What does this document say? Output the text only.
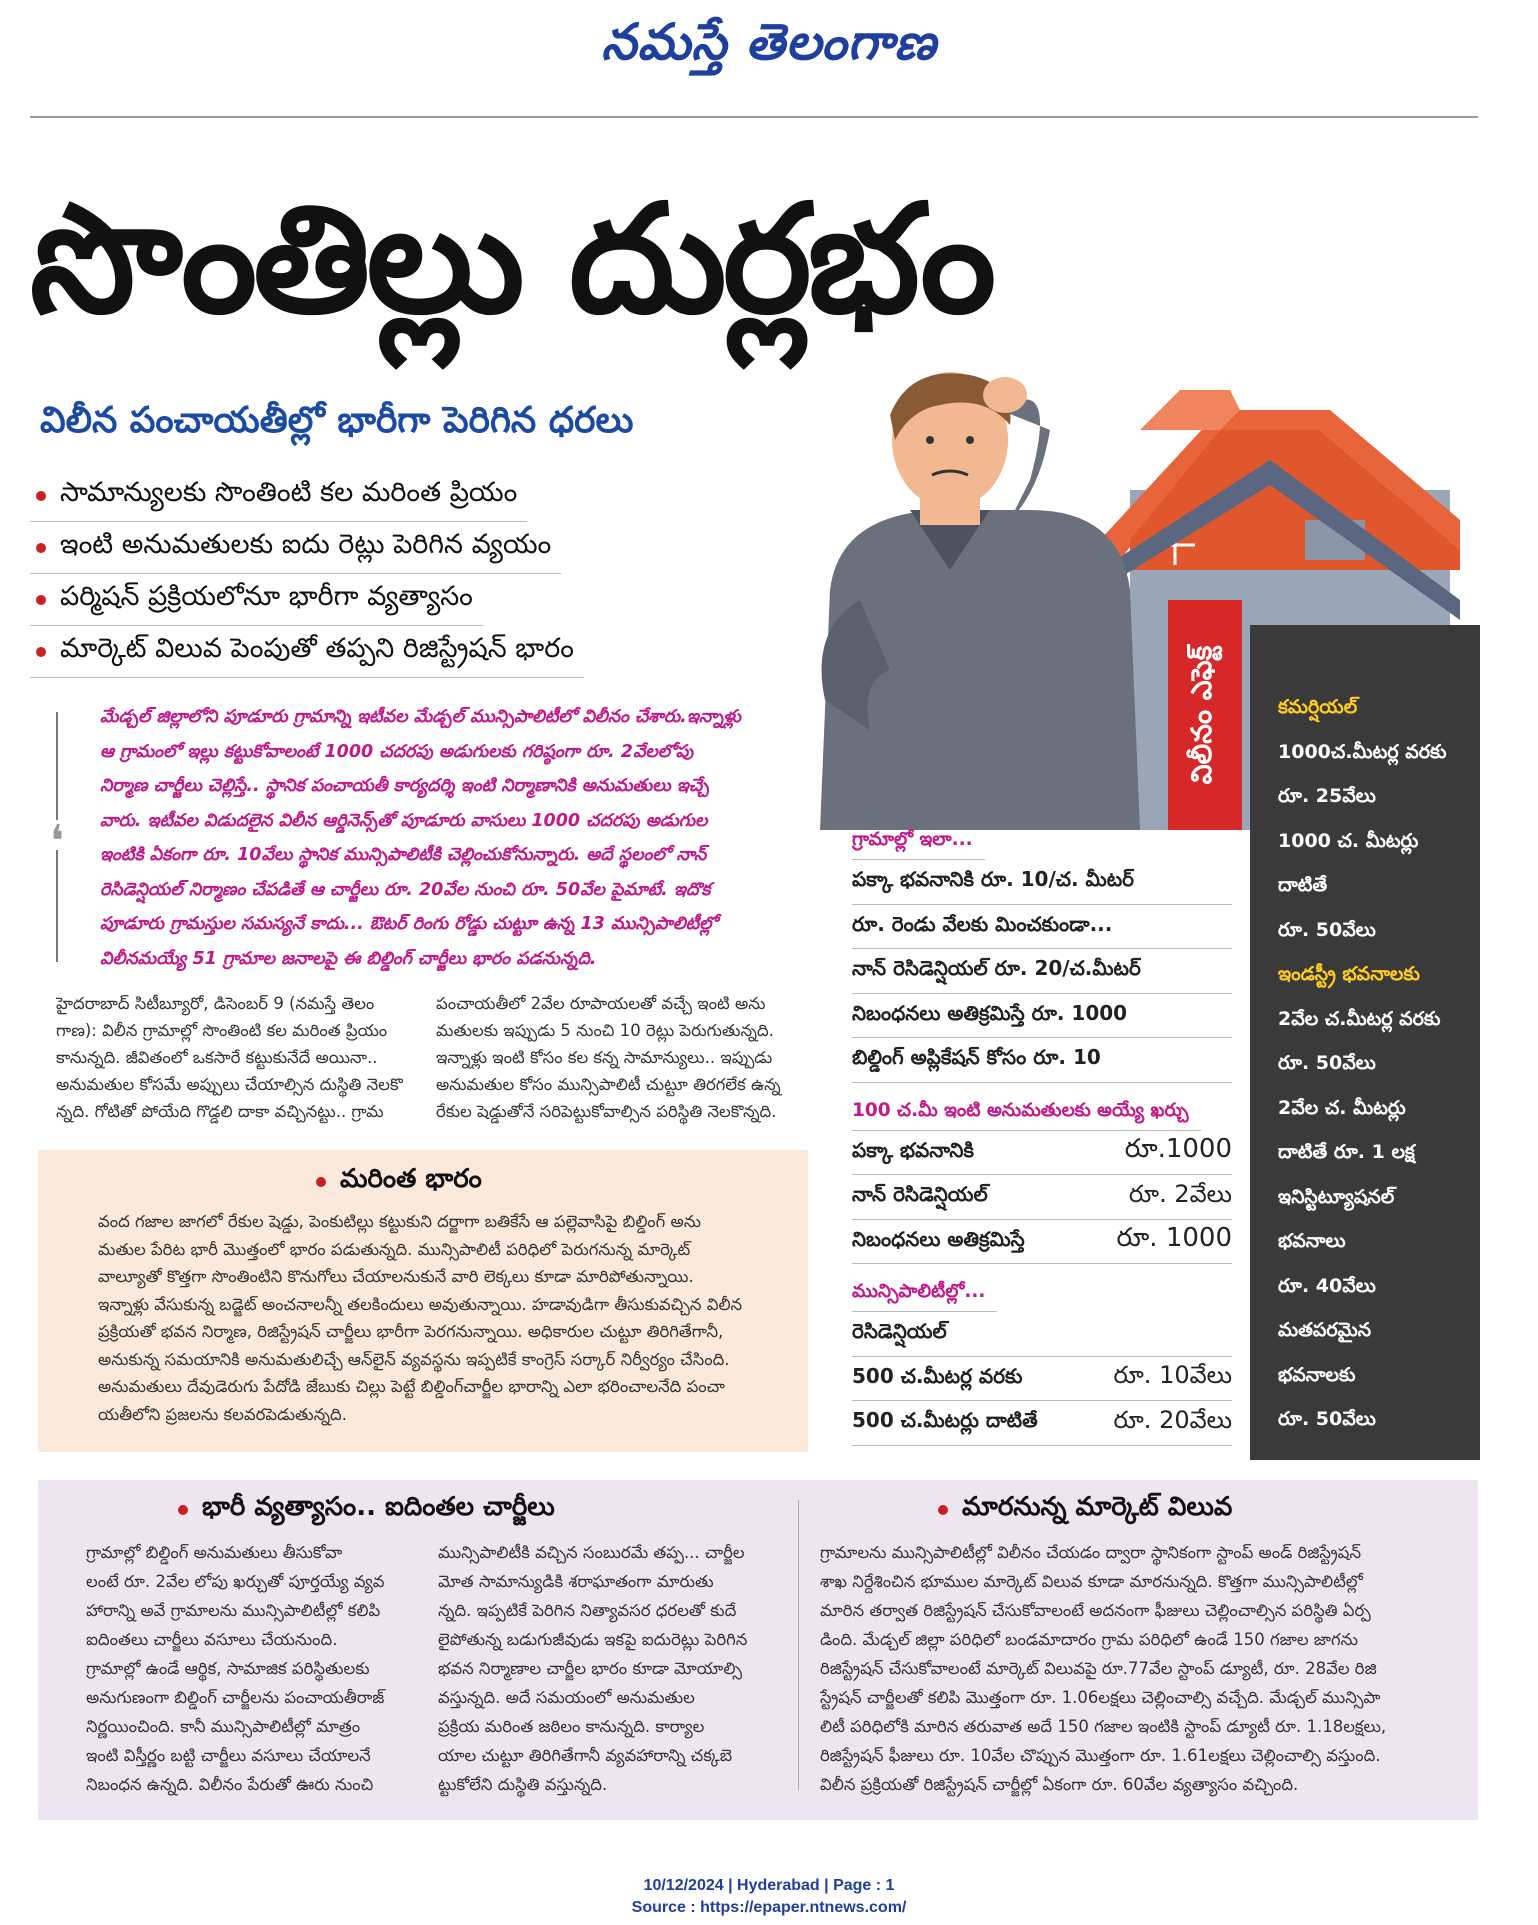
నమస్తే తెలంగాణ
సొంతిల్లు దుర్లభం
విలీన పంచాయతీల్లో భారీగా పెరిగిన ధరలు
సామాన్యులకు సొంతింటి కల మరింత ప్రియం
ఇంటి అనుమతులకు ఐదు రెట్లు పెరిగిన వ్యయం
పర్మిషన్ ప్రక్రియలోనూ భారీగా వ్యత్యాసం
మార్కెట్ విలువ పెంపుతో తప్పని రిజిస్ట్రేషన్ భారం
❛

మేడ్చల్ జిల్లాలోని పూడూరు గ్రామాన్ని ఇటీవల మేడ్చల్ మున్సిపాలిటీలో విలీనం చేశారు.ఇన్నాళ్లు

ఆ గ్రామంలో ఇల్లు కట్టుకోవాలంటే 1000 చదరపు అడుగులకు గరిష్ఠంగా రూ. 2వేలలోపు

నిర్మాణ చార్జీలు చెల్లిస్తే.. స్థానిక పంచాయతీ కార్యదర్శి ఇంటి నిర్మాణానికి అనుమతులు ఇచ్చే

వారు. ఇటీవల విడుదలైన విలీన ఆర్డినెన్స్‌తో పూడూరు వాసులు 1000 చదరపు అడుగుల

ఇంటికి ఏకంగా రూ. 10వేలు స్థానిక మున్సిపాలిటీకి చెల్లించుకోనున్నారు. అదే స్థలంలో నాన్

రెసిడెన్షియల్ నిర్మాణం చేపడితే ఆ చార్జీలు రూ. 20వేల నుంచి రూ. 50వేల పైమాటే. ఇదొక

పూడూరు గ్రామస్తుల సమస్యనే కాదు... ఔటర్ రింగు రోడ్డు చుట్టూ ఉన్న 13 మున్సిపాలిటీల్లో

విలీనమయ్యే 51 గ్రామాల జనాలపై ఈ బిల్డింగ్ చార్జీలు భారం పడనున్నది.

హైదరాబాద్ సిటీబ్యూరో, డిసెంబర్ 9 (నమస్తే తెలం

గాణ): విలీన గ్రామాల్లో సొంతింటి కల మరింత ప్రియం

కానున్నది. జీవితంలో ఒకసారే కట్టుకునేదే అయినా..

అనుమతుల కోసమే అప్పులు చేయాల్సిన దుస్థితి నెలకొ

న్నది. గోటితో పోయేది గొడ్డలి దాకా వచ్చినట్టు.. గ్రామ

పంచాయతీలో 2వేల రూపాయలతో వచ్చే ఇంటి అను

మతులకు ఇప్పుడు 5 నుంచి 10 రెట్లు పెరుగుతున్నది.

ఇన్నాళ్లు ఇంటి కోసం కల కన్న సామాన్యులు.. ఇప్పుడు

అనుమతుల కోసం మున్సిపాలిటీ చుట్టూ తిరగలేక ఉన్న

రేకుల షెడ్డుతోనే సరిపెట్టుకోవాల్సిన పరిస్థితి నెలకొన్నది.

మరింత భారం

వంద గజాల జాగలో రేకుల షెడ్డు, పెంకుటిల్లు కట్టుకుని దర్జాగా బతికేసే ఆ పల్లెవాసిపై బిల్డింగ్ అను

మతుల పేరిట భారీ మొత్తంలో భారం పడుతున్నది. మున్సిపాలిటీ పరిధిలో పెరుగనున్న మార్కెట్

వాల్యూతో కొత్తగా సొంతింటిని కొనుగోలు చేయాలనుకునే వారి లెక్కలు కూడా మారిపోతున్నాయి.

ఇన్నాళ్లు వేసుకున్న బడ్జెట్ అంచనాలన్నీ తలకిందులు అవుతున్నాయి. హడావుడిగా తీసుకువచ్చిన విలీన

ప్రక్రియతో భవన నిర్మాణ, రిజిస్ట్రేషన్ చార్జీలు భారీగా పెరగనున్నాయి. అధికారుల చుట్టూ తిరిగితేగానీ,

అనుకున్న సమయానికి అనుమతులిచ్చే ఆన్‌లైన్ వ్యవస్థను ఇప్పటికే కాంగ్రెస్ సర్కార్ నిర్వీర్యం చేసింది.

అనుమతులు దేవుడెరుగు పేదోడి జేబుకు చిల్లు పెట్టే బిల్డింగ్‌చార్జీల భారాన్ని ఎలా భరించాలనేది పంచా

యతీలోని ప్రజలను కలవరపెడుతున్నది.

విలీనం ఎఫెక్ట్	కమర్షియల్
1000చ.మీటర్ల వరకు
రూ. 25వేలు
1000 చ. మీటర్లు
దాటితే
రూ. 50వేలు
ఇండస్ట్రీ భవనాలకు
2వేల చ.మీటర్ల వరకు
రూ. 50వేలు
2వేల చ. మీటర్లు
దాటితే రూ. 1 లక్ష
ఇనిస్టిట్యూషనల్
భవనాలు
రూ. 40వేలు
మతపరమైన
భవనాలకు
రూ. 50వేలు
గ్రామాల్లో ఇలా...
పక్కా భవనానికి రూ. 10/చ. మీటర్
రూ. రెండు వేలకు మించకుండా...
నాన్ రెసిడెన్షియల్ రూ. 20/చ.మీటర్
నిబంధనలు అతిక్రమిస్తే రూ. 1000
బిల్డింగ్ అప్లికేషన్ కోసం రూ. 10
100 చ.మీ ఇంటి అనుమతులకు అయ్యే ఖర్చు
పక్కా భవనానికి	రూ.1000
నాన్ రెసిడెన్షియల్	రూ. 2వేలు
నిబంధనలు అతిక్రమిస్తే	రూ. 1000
మున్సిపాలిటీల్లో...
రెసిడెన్షియల్
500 చ.మీటర్ల వరకు	రూ. 10వేలు
500 చ.మీటర్లు దాటితే	రూ. 20వేలు
భారీ వ్యత్యాసం.. ఐదింతల చార్జీలు

గ్రామాల్లో బిల్డింగ్ అనుమతులు తీసుకోవా

లంటే రూ. 2వేల లోపు ఖర్చుతో పూర్తయ్యే వ్యవ

హారాన్ని అవే గ్రామాలను మున్సిపాలిటీల్లో కలిపి

ఐదింతలు చార్జీలు వసూలు చేయనుంది.

గ్రామాల్లో ఉండే ఆర్థిక, సామాజిక పరిస్థితులకు

అనుగుణంగా బిల్డింగ్ చార్జీలను పంచాయతీరాజ్

నిర్ణయించింది. కానీ మున్సిపాలిటీల్లో మాత్రం

ఇంటి విస్తీర్ణం బట్టి చార్జీలు వసూలు చేయాలనే

నిబంధన ఉన్నది. విలీనం పేరుతో ఊరు నుంచి

మున్సిపాలిటీకి వచ్చిన సంబురమే తప్ప... చార్జీల

మోత సామాన్యుడికి శరాఘాతంగా మారుతు

న్నది. ఇప్పటికే పెరిగిన నిత్యావసర ధరలతో కుదే

లైపోతున్న బడుగుజీవుడు ఇకపై ఐదురెట్లు పెరిగిన

భవన నిర్మాణాల చార్జీల భారం కూడా మోయాల్సి

వస్తున్నది. అదే సమయంలో అనుమతుల

ప్రక్రియ మరింత జఠిలం కానున్నది. కార్యాల

యాల చుట్టూ తిరిగితేగానీ వ్యవహారాన్ని చక్కబె

ట్టుకోలేని దుస్థితి వస్తున్నది.

మారనున్న మార్కెట్ విలువ

గ్రామాలను మున్సిపాలిటీల్లో విలీనం చేయడం ద్వారా స్థానికంగా స్టాంప్ అండ్ రిజిస్ట్రేషన్

శాఖ నిర్దేశించిన భూముల మార్కెట్ విలువ కూడా మారనున్నది. కొత్తగా మున్సిపాలిటీల్లో

మారిన తర్వాత రిజిస్ట్రేషన్ చేసుకోవాలంటే అదనంగా ఫీజులు చెల్లించాల్సిన పరిస్థితి ఏర్ప

డింది. మేడ్చల్ జిల్లా పరిధిలో బండమాదారం గ్రామ పరిధిలో ఉండే 150 గజాల జాగను

రిజిస్ట్రేషన్ చేసుకోవాలంటే మార్కెట్ విలువపై రూ.77వేల స్టాంప్ డ్యూటీ, రూ. 28వేల రిజి

స్ట్రేషన్ చార్జీలతో కలిపి మొత్తంగా రూ. 1.06లక్షలు చెల్లించాల్సి వచ్చేది. మేడ్చల్ మున్సిపా

లిటీ పరిధిలోకి మారిన తరువాత అదే 150 గజాల ఇంటికి స్టాంప్ డ్యూటీ రూ. 1.18లక్షలు,

రిజిస్ట్రేషన్ ఫీజులు రూ. 10వేల చొప్పున మొత్తంగా రూ. 1.61లక్షలు చెల్లించాల్సి వస్తుంది.

విలీన ప్రక్రియతో రిజిస్ట్రేషన్ చార్జీల్లో ఏకంగా రూ. 60వేల వ్యత్యాసం వచ్చింది.

10/12/2024 | Hyderabad | Page : 1
Source : https://epaper.ntnews.com/
